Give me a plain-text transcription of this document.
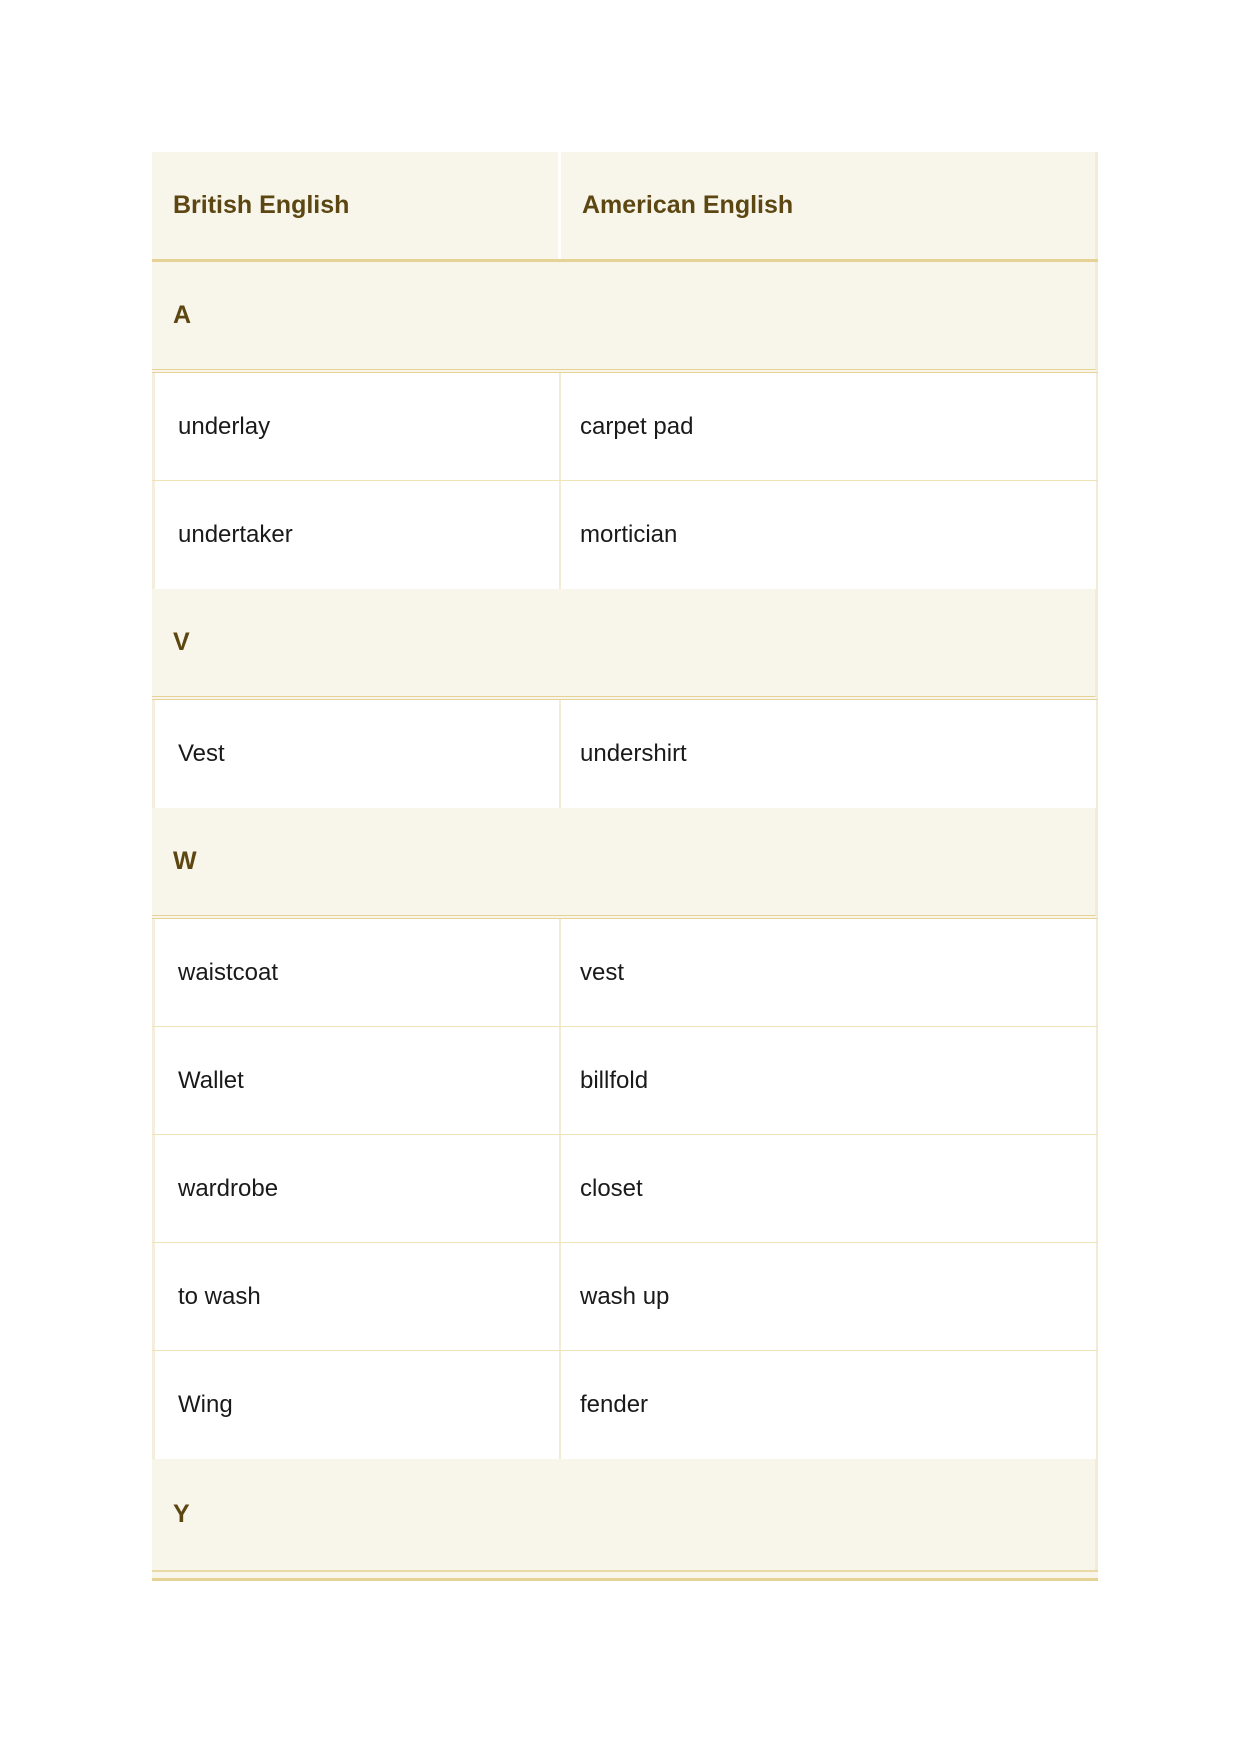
British English	American English
A
underlay	carpet pad
undertaker	mortician
V
Vest	undershirt
W
waistcoat	vest
Wallet	billfold
wardrobe	closet
to wash	wash up
Wing	fender
Y
